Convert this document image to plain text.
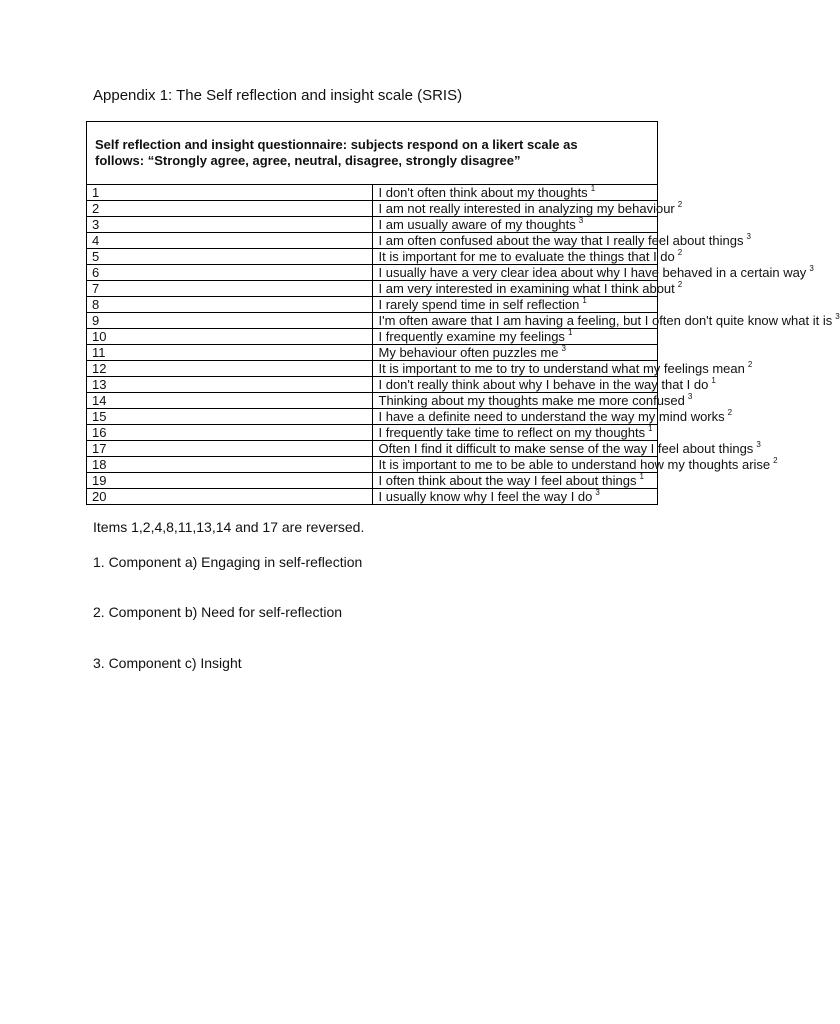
Appendix 1: The Self reflection and insight scale (SRIS)
Self reflection and insight questionnaire: subjects respond on a likert scale as
follows: “Strongly agree, agree, neutral, disagree, strongly disagree”	

1	I don't often think about my thoughts $^1$
2	I am not really interested in analyzing my behaviour $^2$
3	I am usually aware of my thoughts $^3$
4	I am often confused about the way that I really feel about things $^3$
5	It is important for me to evaluate the things that I do $^2$
6	I usually have a very clear idea about why I have behaved in a certain way $^3$
7	I am very interested in examining what I think about $^2$
8	I rarely spend time in self reflection $^1$
9	I'm often aware that I am having a feeling, but I often don't quite know what it is $^3$
10	I frequently examine my feelings $^1$
11	My behaviour often puzzles me $^3$
12	It is important to me to try to understand what my feelings mean $^2$
13	I don't really think about why I behave in the way that I do $^1$
14	Thinking about my thoughts make me more confused $^3$
15	I have a definite need to understand the way my mind works $^2$
16	I frequently take time to reflect on my thoughts $^1$
17	Often I find it difficult to make sense of the way I feel about things $^3$
18	It is important to me to be able to understand how my thoughts arise $^2$
19	I often think about the way I feel about things $^1$
20	I usually know why I feel the way I do $^3$
Items 1,2,4,8,11,13,14 and 17 are reversed.
1. Component a) Engaging in self-reflection
2. Component b) Need for self-reflection
3. Component c) Insight
